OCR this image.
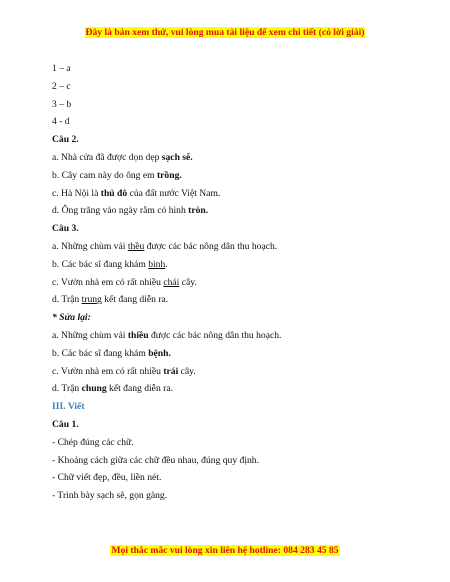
Đây là bản xem thử, vui lòng mua tài liệu để xem chi tiết (có lời giải)
1 – a
2 – c
3 – b
4 - d
Câu 2.
a. Nhà cửa đã được dọn dẹp sạch sẽ.
b. Cây cam này do ông em trồng.
c. Hà Nội là thủ đô của đất nước Việt Nam.
d. Ông trăng vào ngày rằm có hình tròn.
Câu 3.
a. Những chùm vải thều được các bác nông dân thu hoạch.
b. Các bác sĩ đang khám binh.
c. Vườn nhà em có rất nhiều chái cây.
d. Trận trung kết đang diễn ra.
* Sửa lại:
a. Những chùm vải thiều được các bác nông dân thu hoạch.
b. Các bác sĩ đang khám bệnh.
c. Vườn nhà em có rất nhiều trái cây.
d. Trận chung kết đang diễn ra.
III. Viết
Câu 1.
- Chép đúng các chữ.
- Khoảng cách giữa các chữ đều nhau, đúng quy định.
- Chữ viết đẹp, đều, liền nét.
- Trình bày sạch sẽ, gọn gàng.
Mọi thắc mắc vui lòng xin liên hệ hotline: 084 283 45 85
